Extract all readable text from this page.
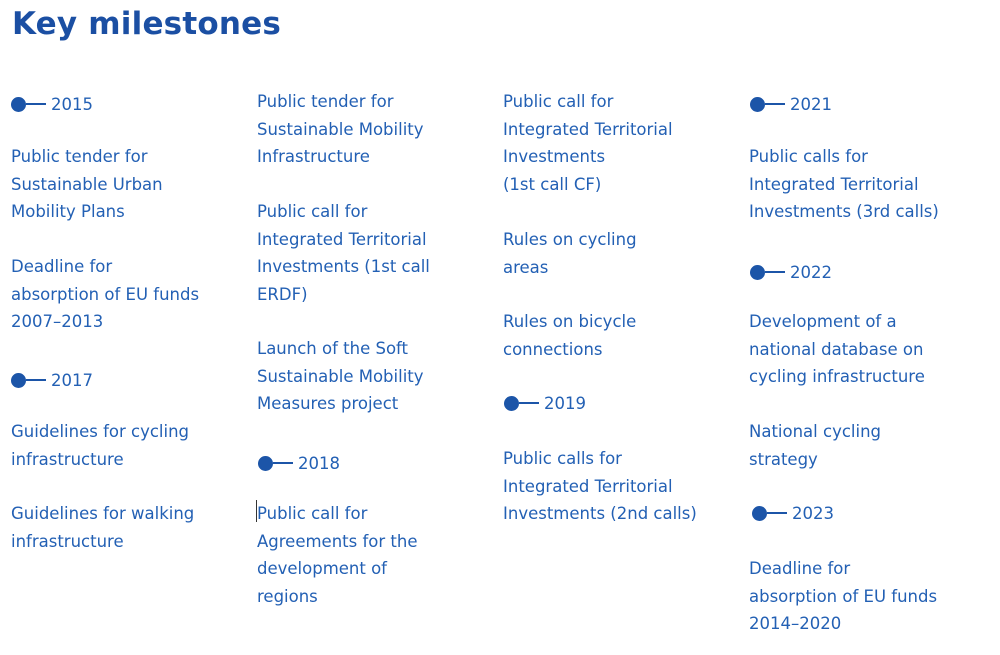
Key milestones
2015
Public tender for
Sustainable Urban
Mobility Plans
Deadline for
absorption of EU funds
2007–2013
2017
Guidelines for cycling
infrastructure
Guidelines for walking
infrastructure
Public tender for
Sustainable Mobility
Infrastructure
Public call for
Integrated Territorial
Investments (1st call
ERDF)
Launch of the Soft
Sustainable Mobility
Measures project
2018
Public call for
Agreements for the
development of
regions
Public call for
Integrated Territorial
Investments
(1st call CF)
Rules on cycling
areas
Rules on bicycle
connections
2019
Public calls for
Integrated Territorial
Investments (2nd calls)
2021
Public calls for
Integrated Territorial
Investments (3rd calls)
2022
Development of a
national database on
cycling infrastructure
National cycling
strategy
2023
Deadline for
absorption of EU funds
2014–2020
